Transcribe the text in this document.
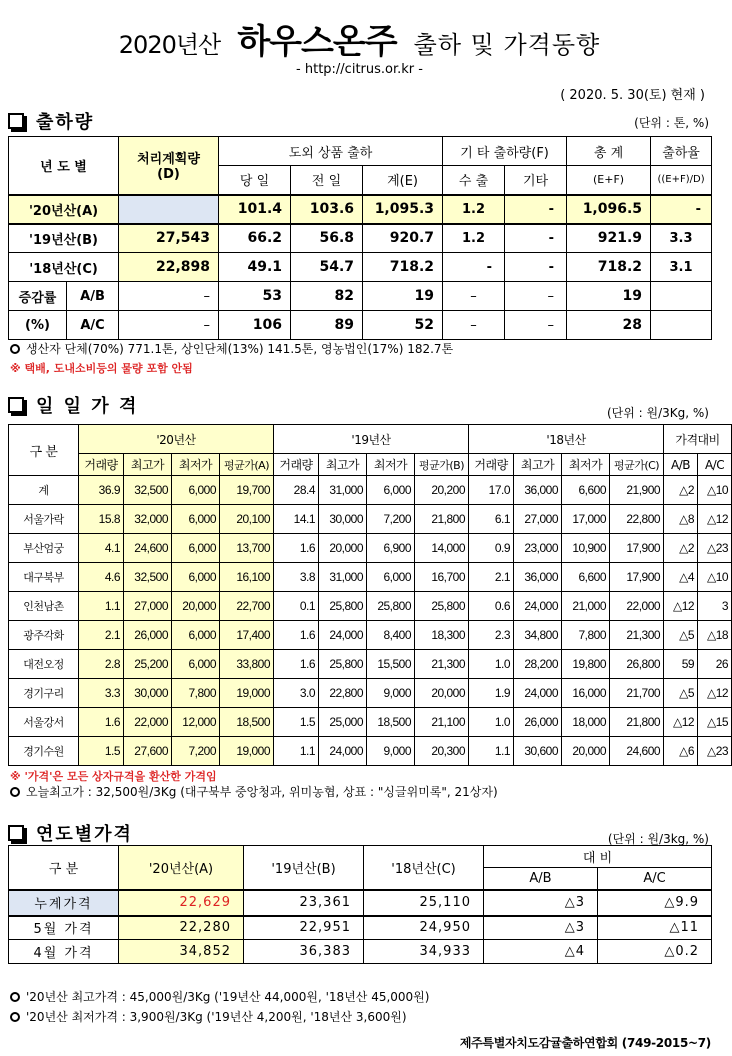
2020년산 하우스온주 출하 및 가격동향
- http://citrus.or.kr -
( 2020. 5. 30(토) 현재 )
출하량	(단위 : 톤, %)
년 도 별		처리계획량
(D)	도외 상품 출하			기 타 출하량(F)		총 계	출하율
			당 일	전 일	계(E)	수 출	기타	(E+F)	((E+F)/D)
'20년산(A)			101.4	103.6	1,095.3	1.2	-	1,096.5	-
'19년산(B)		27,543	66.2	56.8	920.7	1.2	-	921.9	3.3
'18년산(C)		22,898	49.1	54.7	718.2	-	-	718.2	3.1
증감률	A/B	–	53	82	19	–	–	19	
(%)	A/C	–	106	89	52	–	–	28	
생산자 단체(70%) 771.1톤, 상인단체(13%) 141.5톤, 영농법인(17%) 182.7톤
※ 택배, 도내소비등의 물량 포함 안됨
일 일 가 격	(단위 : 원/3Kg, %)
구 분	'20년산				'19년산				'18년산				가격대비	
	거래량	최고가	최저가	평균가(A)	거래량	최고가	최저가	평균가(B)	거래량	최고가	최저가	평균가(C)	A/B	A/C
계	36.9	32,500	6,000	19,700	28.4	31,000	6,000	20,200	17.0	36,000	6,600	21,900	△2	△10
서울가락	15.8	32,000	6,000	20,100	14.1	30,000	7,200	21,800	6.1	27,000	17,000	22,800	△8	△12
부산엄궁	4.1	24,600	6,000	13,700	1.6	20,000	6,900	14,000	0.9	23,000	10,900	17,900	△2	△23
대구북부	4.6	32,500	6,000	16,100	3.8	31,000	6,000	16,700	2.1	36,000	6,600	17,900	△4	△10
인천남촌	1.1	27,000	20,000	22,700	0.1	25,800	25,800	25,800	0.6	24,000	21,000	22,000	△12	3
광주각화	2.1	26,000	6,000	17,400	1.6	24,000	8,400	18,300	2.3	34,800	7,800	21,300	△5	△18
대전오정	2.8	25,200	6,000	33,800	1.6	25,800	15,500	21,300	1.0	28,200	19,800	26,800	59	26
경기구리	3.3	30,000	7,800	19,000	3.0	22,800	9,000	20,000	1.9	24,000	16,000	21,700	△5	△12
서울강서	1.6	22,000	12,000	18,500	1.5	25,000	18,500	21,100	1.0	26,000	18,000	21,800	△12	△15
경기수원	1.5	27,600	7,200	19,000	1.1	24,000	9,000	20,300	1.1	30,600	20,000	24,600	△6	△23
※ '가격'은 모든 상자규격을 환산한 가격임
오늘최고가 : 32,500원/3Kg (대구북부 중앙청과, 위미농협, 상표 : "싱글위미록", 21상자)
연도별가격	(단위 : 원/3kg, %)
구 분	'20년산(A)	'19년산(B)	'18년산(C)	대 비	
				A/B	A/C
누계가격	22,629	23,361	25,110	△3	△9.9
5월 가격	22,280	22,951	24,950	△3	△11
4월 가격	34,852	36,383	34,933	△4	△0.2
'20년산 최고가격 : 45,000원/3Kg ('19년산 44,000원, '18년산 45,000원)
'20년산 최저가격 : 3,900원/3Kg ('19년산 4,200원, '18년산 3,600원)
제주특별자치도감귤출하연합회 (749-2015~7)
